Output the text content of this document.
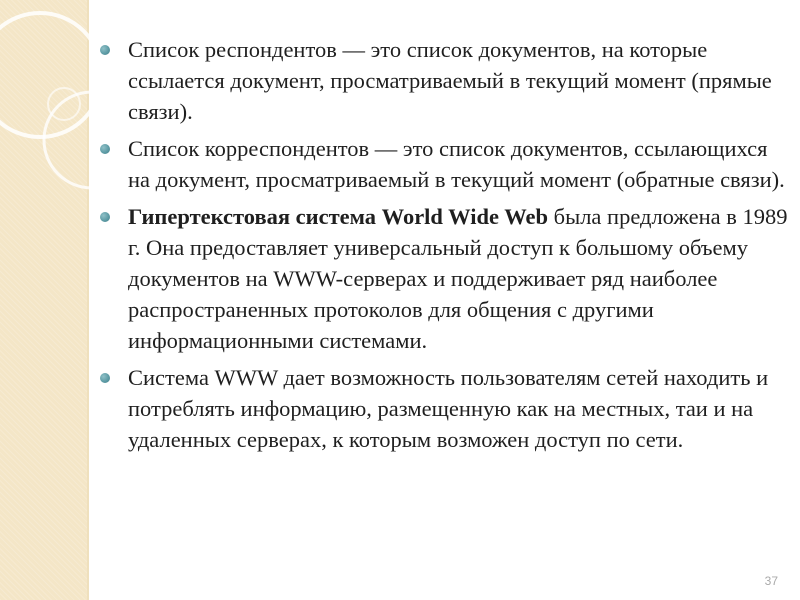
Список респондентов — это список документов, на которые ссылается документ, просматриваемый в текущий момент (прямые связи).
Список корреспондентов — это список документов, ссылающихся на документ, просматриваемый в текущий момент (обратные связи).
Гипертекстовая система World Wide Web была предложена в 1989 г. Она предоставляет универсальный доступ к большому объему документов на WWW-серверах и поддерживает ряд наиболее распространенных протоколов для общения с другими информационными системами.
Система WWW дает возможность пользователям сетей находить и потреблять информацию, размещенную как на местных, таи и на удаленных серверах, к которым возможен доступ по сети.
37
